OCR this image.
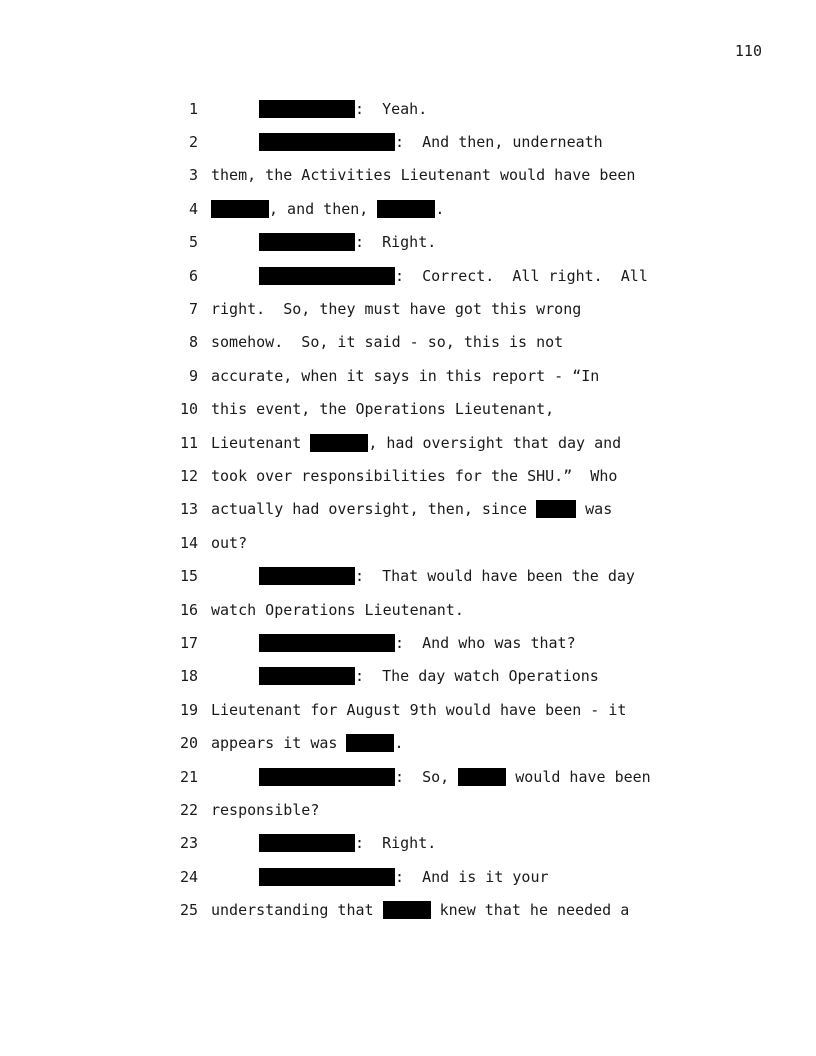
110
1	:  Yeah.
2	:  And then, underneath
3 them, the Activities Lieutenant would have been
4	, and then,	.
5	:  Right.
6	:  Correct.  All right.  All
7 right.  So, they must have got this wrong
8 somehow.  So, it said - so, this is not
9 accurate, when it says in this report - “In
10 this event, the Operations Lieutenant,
11 Lieutenant	, had oversight that day and
12 took over responsibilities for the SHU.”  Who
13 actually had oversight, then, since	was
14 out?
15	:  That would have been the day
16 watch Operations Lieutenant.
17	:  And who was that?
18	:  The day watch Operations
19 Lieutenant for August 9th would have been - it
20 appears it was	.
21	:  So,	would have been
22 responsible?
23	:  Right.
24	:  And is it your
25 understanding that	knew that he needed a
